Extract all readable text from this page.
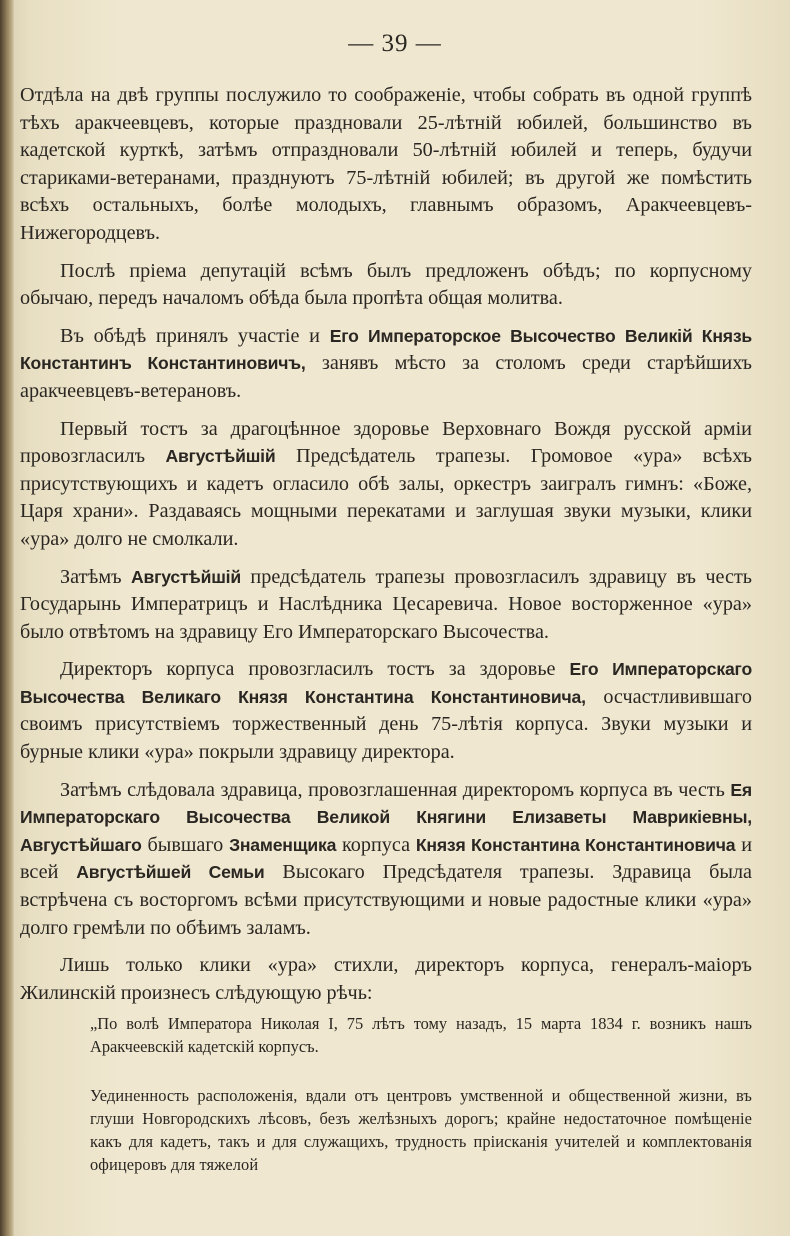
— 39 —

Отдѣла на двѣ группы послужило то соображенiе, чтобы собрать въ одной группѣ тѣхъ аракчеевцевъ, которые праздновали 25-лѣтнiй юбилей, большинство въ кадетской курткѣ, затѣмъ отпраздновали 50-лѣтнiй юбилей и теперь, будучи стариками-ветеранами, празднуютъ 75-лѣтнiй юбилей; въ другой же помѣстить всѣхъ остальныхъ, болѣе молодыхъ, главнымъ образомъ, Аракчеевцевъ-Нижегородцевъ.

Послѣ прiема депутацiй всѣмъ былъ предложенъ обѣдъ; по корпусному обычаю, передъ началомъ обѣда была пропѣта общая молитва.

Въ обѣдѣ принялъ участiе и Его Императорское Высочество Великiй Князь Константинъ Константиновичъ, занявъ мѣсто за столомъ среди старѣйшихъ аракчеевцевъ-ветерановъ.

Первый тостъ за драгоцѣнное здоровье Верховнаго Вождя русской армiи провозгласилъ Августѣйшiй Предсѣдатель трапезы. Громовое «ура» всѣхъ присутствующихъ и кадетъ огласило обѣ залы, оркестръ заигралъ гимнъ: «Боже, Царя храни». Раздаваясь мощными перекатами и заглушая звуки музыки, клики «ура» долго не смолкали.

Затѣмъ Августѣйшiй предсѣдатель трапезы провозгласилъ здравицу въ честь Государынь Императрицъ и Наслѣдника Цесаревича. Новое восторженное «ура» было отвѣтомъ на здравицу Его Императорскаго Высочества.

Директоръ корпуса провозгласилъ тостъ за здоровье Его Императорскаго Высочества Великаго Князя Константина Константиновича, осчастливившаго своимъ присутствiемъ торжественный день 75-лѣтiя корпуса. Звуки музыки и бурные клики «ура» покрыли здравицу директора.

Затѣмъ слѣдовала здравица, провозглашенная директоромъ корпуса въ честь Ея Императорскаго Высочества Великой Княгини Елизаветы Маврикiевны, Августѣйшаго бывшаго Знаменщика корпуса Князя Константина Константиновича и всей Августѣйшей Семьи Высокаго Предсѣдателя трапезы. Здравица была встрѣчена съ восторгомъ всѣми присутствующими и новые радостные клики «ура» долго гремѣли по обѣимъ заламъ.

Лишь только клики «ура» стихли, директоръ корпуса, генералъ-маiоръ Жилинскiй произнесъ слѣдующую рѣчь:

„По волѣ Императора Николая I, 75 лѣтъ тому назадъ, 15 марта 1834 г. возникъ нашъ Аракчеевскiй кадетскiй корпусъ.

Уединенность расположенiя, вдали отъ центровъ умственной и общественной жизни, въ глуши Новгородскихъ лѣсовъ, безъ желѣзныхъ дорогъ; крайне недостаточное помѣщенiе какъ для кадетъ, такъ и для служащихъ, трудность прiисканiя учителей и комплектованiя офицеровъ для тяжелой
